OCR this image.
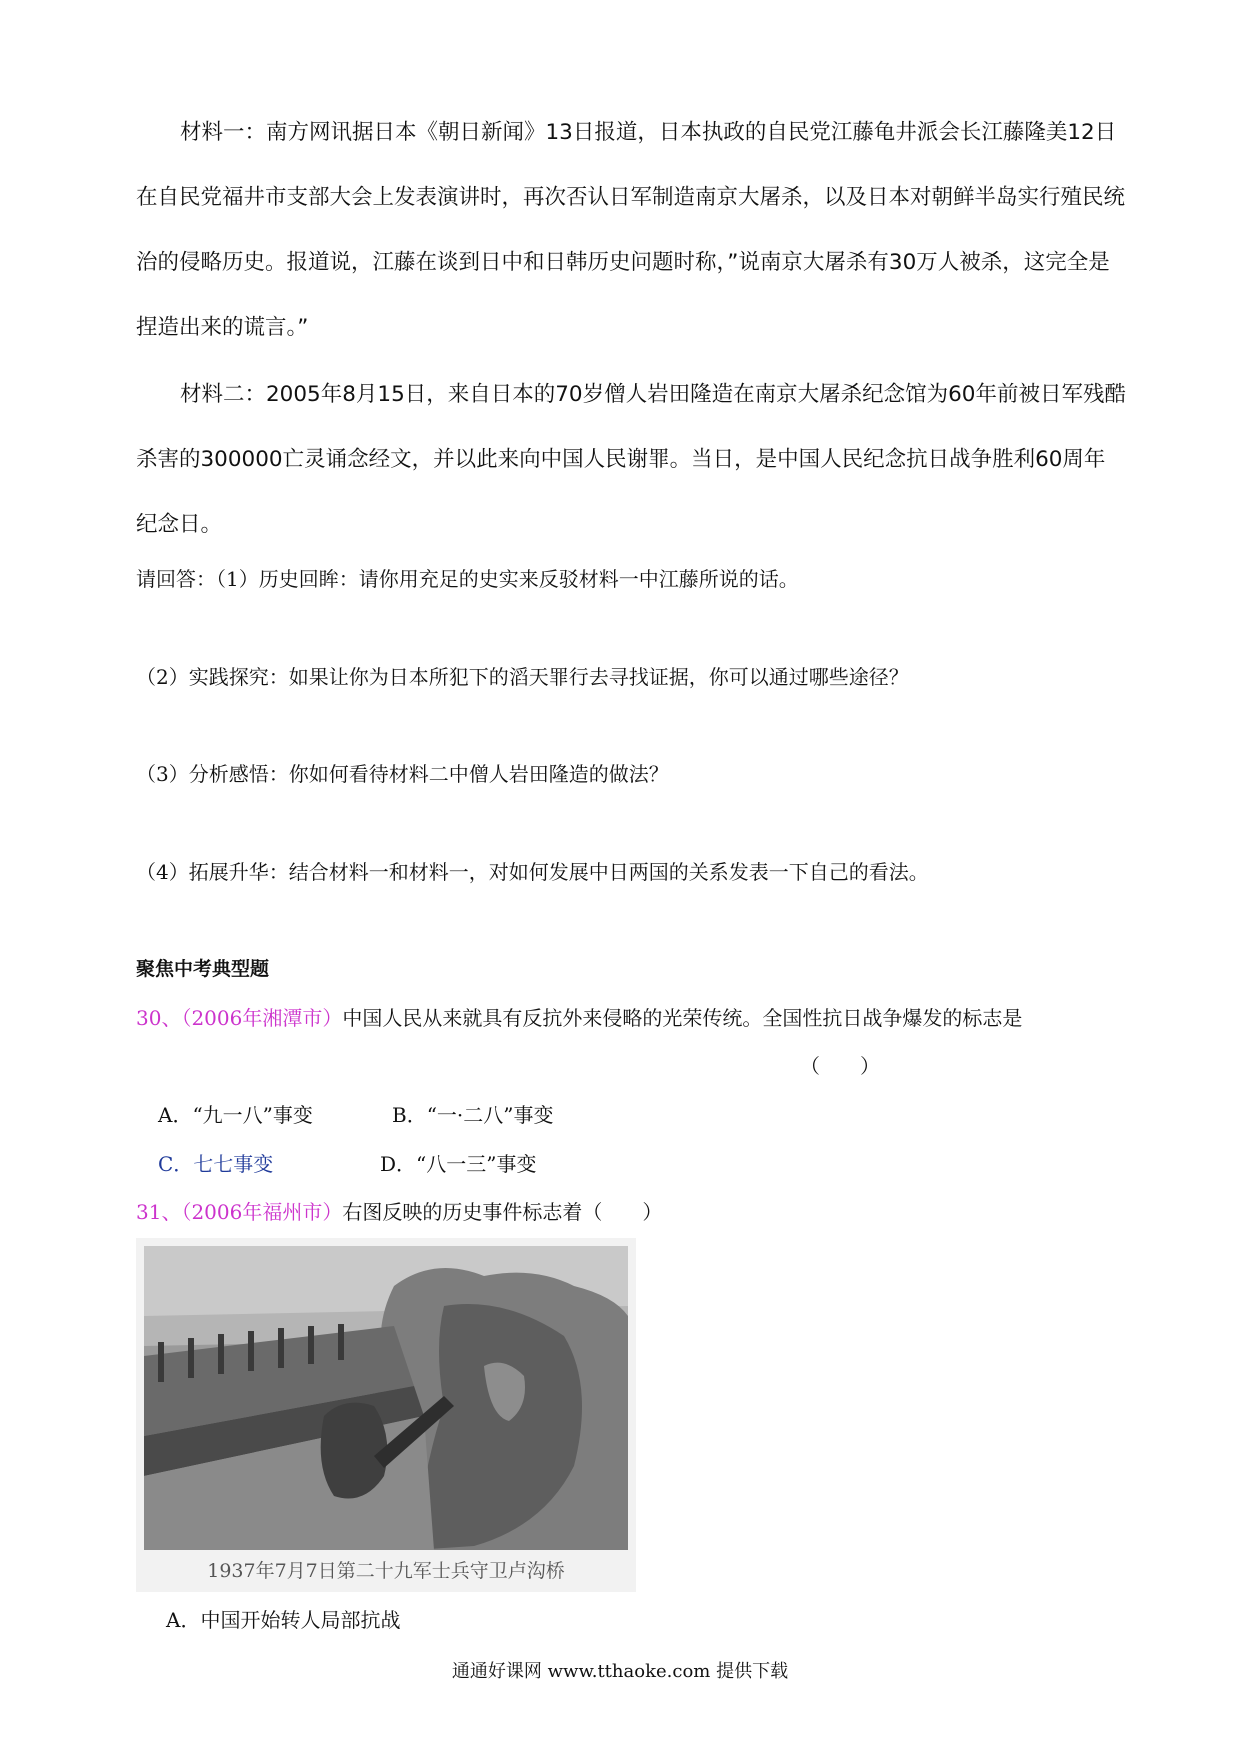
材料一：南方网讯据日本《朝日新闻》13日报道，日本执政的自民党江藤龟井派会长江藤隆美12日在自民党福井市支部大会上发表演讲时，再次否认日军制造南京大屠杀，以及日本对朝鲜半岛实行殖民统治的侵略历史。报道说，江藤在谈到日中和日韩历史问题时称，”说南京大屠杀有30万人被杀，这完全是捏造出来的谎言。”

材料二：2005年8月15日，来自日本的70岁僧人岩田隆造在南京大屠杀纪念馆为60年前被日军残酷杀害的300000亡灵诵念经文，并以此来向中国人民谢罪。当日，是中国人民纪念抗日战争胜利60周年纪念日。

请回答：（1）历史回眸：请你用充足的史实来反驳材料一中江藤所说的话。

（2）实践探究：如果让你为日本所犯下的滔天罪行去寻找证据，你可以通过哪些途径？

（3）分析感悟：你如何看待材料二中僧人岩田隆造的做法？

（4）拓展升华：结合材料一和材料一，对如何发展中日两国的关系发表一下自己的看法。

聚焦中考典型题

30、（2006年湘潭市）中国人民从来就具有反抗外来侵略的光荣传统。全国性抗日战争爆发的标志是

（　　）
A．“九一八”事变	B．“一·二八”事变
C．七七事变	D．“八一三”事变

31、（2006年福州市）右图反映的历史事件标志着（　　）

1937年7月7日第二十九军士兵守卫卢沟桥
A．中国开始转人局部抗战
通通好课网 www.tthaoke.com 提供下载
